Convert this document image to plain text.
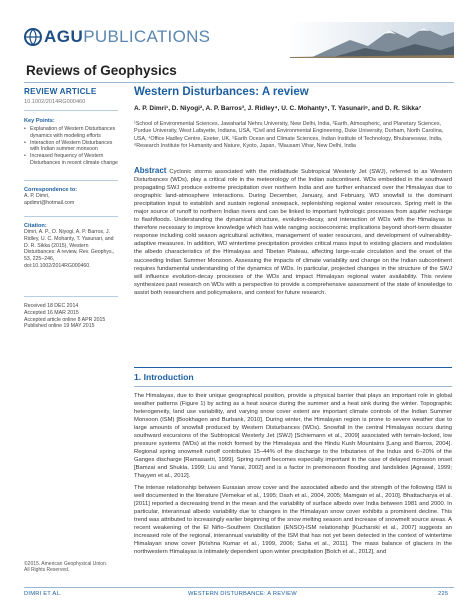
AGU PUBLICATIONS
Reviews of Geophysics
REVIEW ARTICLE
10.1002/2014RG000460
Key Points:
• Explanation of Western Disturbances dynamics with modeling efforts
• Interaction of Western Disturbances with Indian summer monsoon
• Increased frequency of Western Disturbances in recent climate change
Correspondence to:
A. P. Dimri,
apdimri@hotmail.com
Citation:
Dimri, A. P., D. Niyogi, A. P. Barros, J. Ridley, U. C. Mohanty, T. Yasunari, and D. R. Sikka (2015), Western Disturbances: A review, Rev. Geophys., 53, 225–246, doi:10.1002/2014RG000460.
Received 18 DEC 2014
Accepted 16 MAR 2015
Accepted article online 8 APR 2015
Published online 19 MAY 2015
Western Disturbances: A review
A. P. Dimri¹, D. Niyogi², A. P. Barros³, J. Ridley⁴, U. C. Mohanty⁵, T. Yasunari⁶, and D. R. Sikka⁷
¹School of Environmental Sciences, Jawaharlal Nehru University, New Delhi, India, ²Earth, Atmospheric, and Planetary Sciences, Purdue University, West Lafayette, Indiana, USA, ³Civil and Environmental Engineering, Duke University, Durham, North Carolina, USA, ⁴Office Hadley Centre, Exeter, UK, ⁵Earth Ocean and Climate Sciences, Indian Institute of Technology, Bhubaneswar, India, ⁶Research Institute for Humanity and Nature, Kyoto, Japan, ⁷Mausam Vihar, New Delhi, India
Abstract Cyclonic storms associated with the midlatitude Subtropical Westerly Jet (SWJ), referred to as Western Disturbances (WDs), play a critical role in the meteorology of the Indian subcontinent. WDs embedded in the southward propagating SWJ produce extreme precipitation over northern India and are further enhanced over the Himalayas due to orographic land-atmosphere interactions. During December, January, and February, WD snowfall is the dominant precipitation input to establish and sustain regional snowpack, replenishing regional water resources. Spring melt is the major source of runoff to northern Indian rivers and can be linked to important hydrologic processes from aquifer recharge to flashfloods. Understanding the dynamical structure, evolution-decay, and interaction of WDs with the Himalayas is therefore necessary to improve knowledge which has wide ranging socioeconomic implications beyond short-term disaster response including cold season agricultural activities, management of water resources, and development of vulnerability-adaptive measures. In addition, WD wintertime precipitation provides critical mass input to existing glaciers and modulates the albedo characteristics of the Himalayas and Tibetan Plateau, affecting large-scale circulation and the onset of the succeeding Indian Summer Monsoon. Assessing the impacts of climate variability and change on the Indian subcontinent requires fundamental understanding of the dynamics of WDs. In particular, projected changes in the structure of the SWJ will influence evolution-decay processes of the WDs and impact Himalayan regional water availability. This review synthesizes past research on WDs with a perspective to provide a comprehensive assessment of the state of knowledge to assist both researchers and policymakers, and context for future research.
1. Introduction
The Himalayas, due to their unique geographical position, provide a physical barrier that plays an important role in global weather patterns (Figure 1) by acting as a heat source during the summer and a heat sink during the winter. Topographic heterogeneity, land use variability, and varying snow cover extent are important climate controls of the Indian Summer Monsoon (ISM) [Bookhagen and Burbank, 2010]. During winter, the Himalayan region is prone to severe weather due to large amounts of snowfall produced by Western Disturbances (WDs). Snowfall in the central Himalayas occurs during southward excursions of the Subtropical Westerly Jet (SWJ) [Schiemann et al., 2009] associated with terrain-locked, low pressure systems (WDs) at the notch formed by the Himalayas and the Hindu Kush Mountains [Lang and Barros, 2004]. Regional spring snowmelt runoff contributes 15–44% of the discharge to the tributaries of the Indus and 6–20% of the Ganges discharge [Ramasastri, 1999]. Spring runoff becomes especially important in the case of delayed monsoon onset [Bamzai and Shukla, 1999; Liu and Yanai, 2002] and is a factor in premonsoon flooding and landslides [Agrawal, 1999; Thayyen et al., 2012].
The intense relationship between Eurasian snow cover and the associated albedo and the strength of the following ISM is well documented in the literature [Vernekar et al., 1995; Dash et al., 2004, 2005; Mamgain et al., 2010]. Bhattacharya et al. [2011] reported a decreasing trend in the mean and the variability of surface albedo over India between 1981 and 2000. In particular, interannual albedo variability due to changes in the Himalayan snow cover exhibits a prominent decline. This trend was attributed to increasingly earlier beginning of the snow melting season and increase of snowmelt source areas. A recent weakening of the El Niño–Southern Oscillation (ENSO)-ISM relationship [Kucharski et al., 2007] suggests an increased role of the regional, interannual variability of the ISM that has not yet been detected in the context of wintertime Himalayan snow cover [Krishna Kumar et al., 1999, 2006; Saha et al., 2011]. The mass balance of glaciers in the northwestern Himalayas is intimately dependent upon winter precipitation [Bolch et al., 2012], and
©2015. American Geophysical Union.
All Rights Reserved.
DIMRI ET AL.	WESTERN DISTURBANCE: A REVIEW	225
